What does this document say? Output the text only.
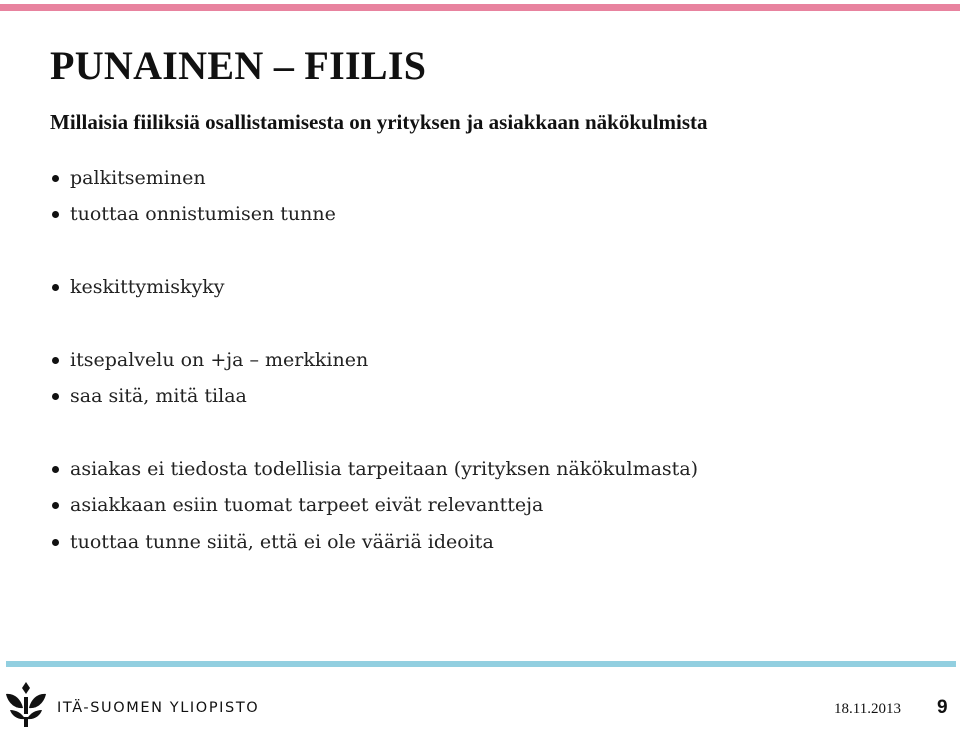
PUNAINEN – FIILIS

Millaisia fiiliksiä osallistamisesta on yrityksen ja asiakkaan näkökulmista

palkitseminen
tuottaa onnistumisen tunne
keskittymiskyky
itsepalvelu on +ja – merkkinen
saa sitä, mitä tilaa
asiakas ei tiedosta todellisia tarpeitaan (yrityksen näkökulmasta)
asiakkaan esiin tuomat tarpeet eivät relevantteja
tuottaa tunne siitä, että ei ole vääriä ideoita
ITÄ-SUOMEN YLIOPISTO	18.11.2013 9
